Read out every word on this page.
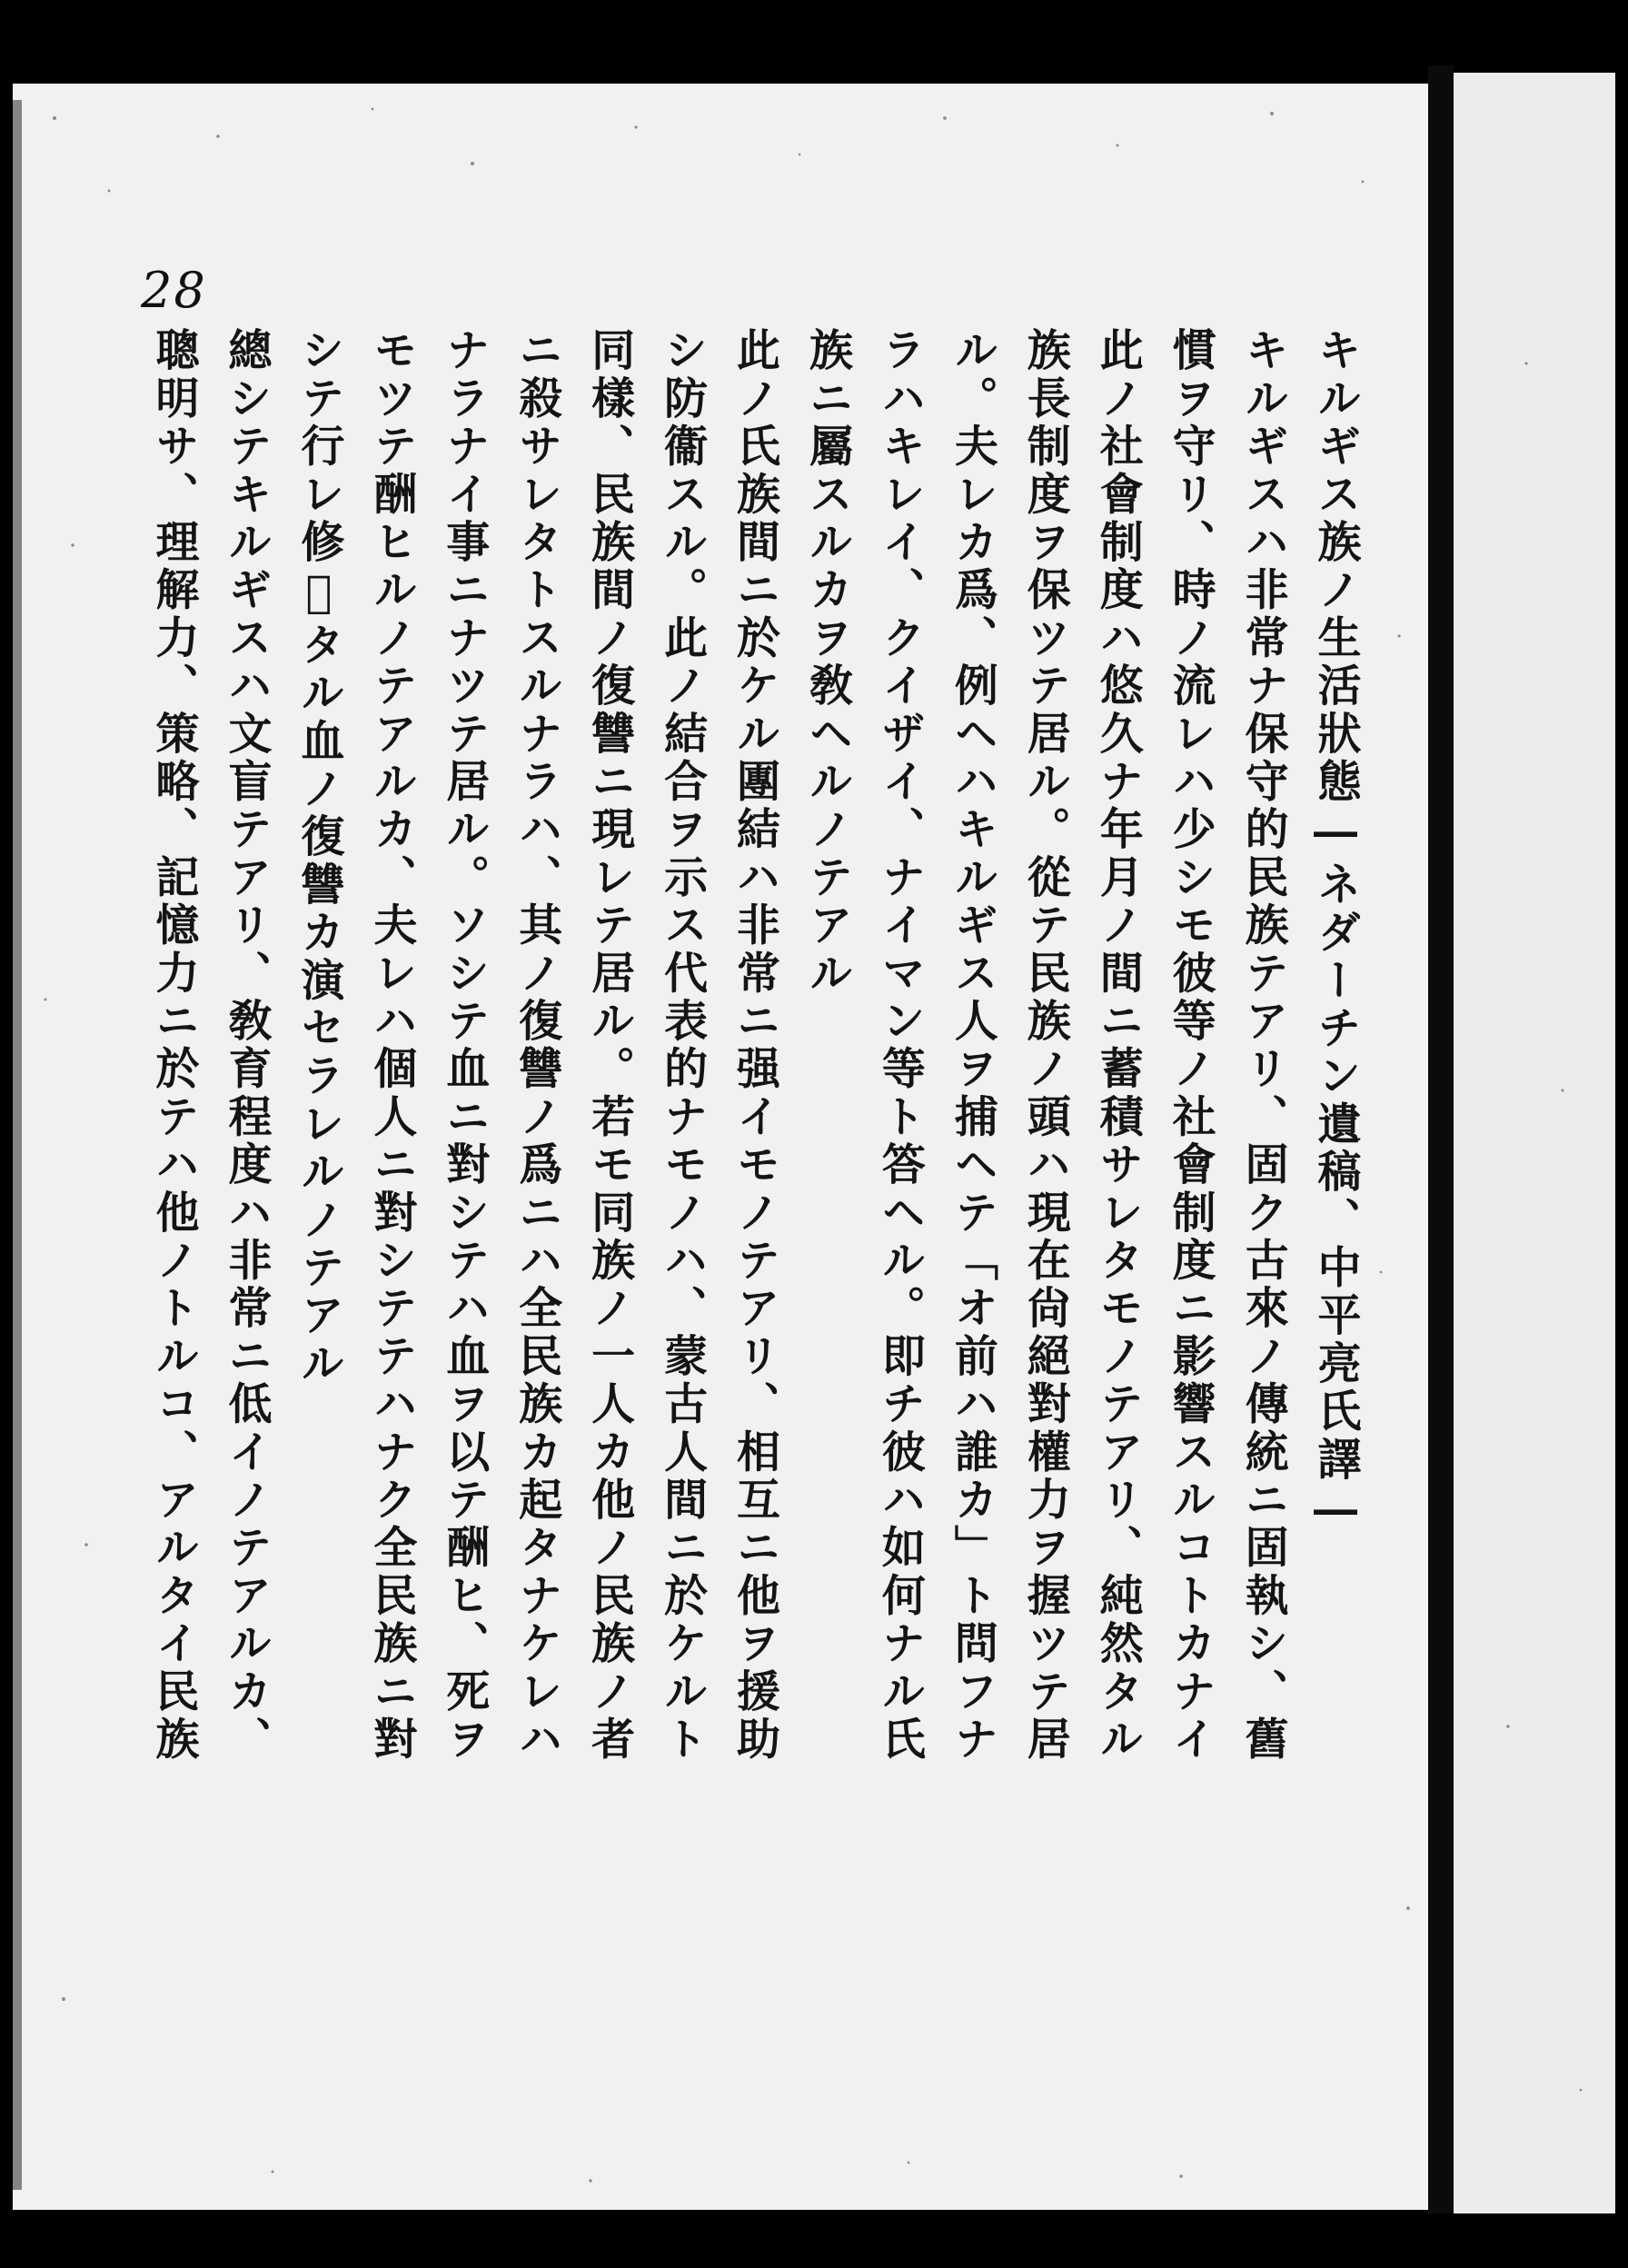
28
キルギス族ノ生活狀態―ネダーチン遺稿、中平亮氏譯―
キルギスハ非常ナ保守的民族テアリ、固ク古來ノ傳統ニ固執シ、舊
慣ヲ守リ、時ノ流レハ少シモ彼等ノ社會制度ニ影響スルコトカナイ
此ノ社會制度ハ悠久ナ年月ノ間ニ蓄積サレタモノテアリ、純然タル
族長制度ヲ保ツテ居ル。從テ民族ノ頭ハ現在尙絕對權力ヲ握ツテ居
ル。夫レカ爲、例ヘハキルギス人ヲ捕ヘテ「オ前ハ誰カ」ト問フナ
ラハキレイ、クイザイ、ナイマン等ト答ヘル。即チ彼ハ如何ナル氏
族ニ屬スルカヲ敎ヘルノテアル
此ノ氏族間ニ於ケル團結ハ非常ニ强イモノテアリ、相互ニ他ヲ援助
シ防衞スル。此ノ結合ヲ示ス代表的ナモノハ、蒙古人間ニ於ケルト
同樣、民族間ノ復讐ニ現レテ居ル。若モ同族ノ一人カ他ノ民族ノ者
ニ殺サレタトスルナラハ、其ノ復讐ノ爲ニハ全民族カ起タナケレハ
ナラナイ事ニナツテ居ル。ソシテ血ニ對シテハ血ヲ以テ酬ヒ、死ヲ
モツテ酬ヒルノテアルカ、夫レハ個人ニ對シテテハナク全民族ニ對
シテ行レ修𫝕タル血ノ復讐カ演セラレルノテアル
總シテキルギスハ文盲テアリ、敎育程度ハ非常ニ低イノテアルカ、
聰明サ、理解力、策略、記憶力ニ於テハ他ノトルコ、アルタイ民族
